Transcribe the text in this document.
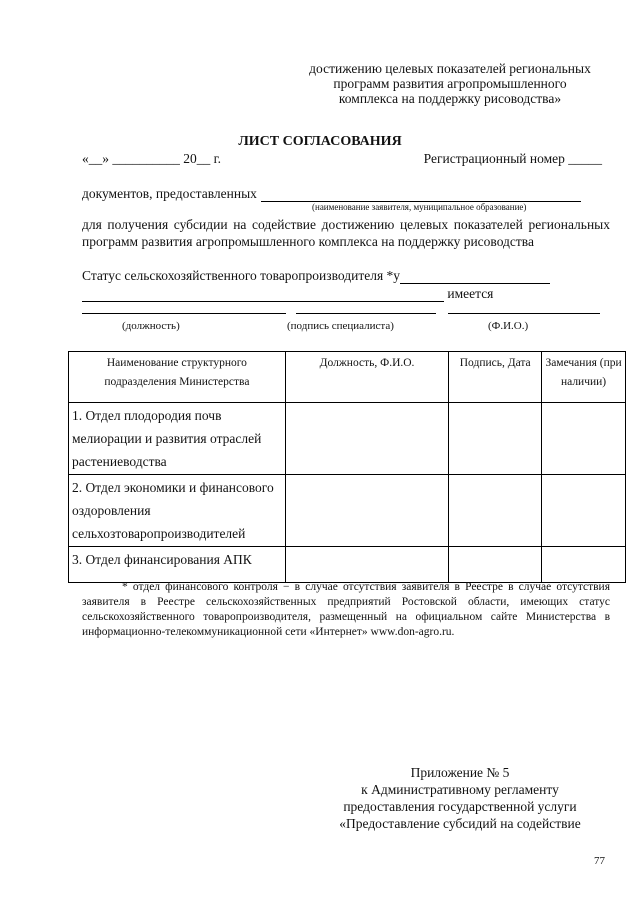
достижению целевых показателей региональных
программ развития агропромышленного
комплекса на поддержку рисоводства»
ЛИСТ СОГЛАСОВАНИЯ
«__» __________ 20__ г.	Регистрационный номер _____
документов, предоставленных
(наименование заявителя, муниципальное образование)
для получения субсидии на содействие достижению целевых показателей региональных программ развития агропромышленного комплекса на поддержку рисоводства
Статус сельскохозяйственного товаропроизводителя *у
имеется
(должность)	(подпись специалиста)	(Ф.И.О.)
Наименование структурного подразделения Министерства	Должность, Ф.И.О.	Подпись, Дата	Замечания (при наличии)
1. Отдел плодородия почв мелиорации и развития отраслей растениеводства			
2. Отдел экономики и финансового оздоровления сельхозтоваропроизводителей			
3. Отдел финансирования АПК			
* отдел финансового контроля − в случае отсутствия заявителя в Реестре в случае отсутствия заявителя в Реестре сельскохозяйственных предприятий Ростовской области, имеющих статус сельскохозяйственного товаропроизводителя, размещенный на официальном сайте Министерства в информационно-телекоммуникационной сети «Интернет» www.don-agro.ru.
Приложение № 5
к Административному регламенту
предоставления государственной услуги
«Предоставление субсидий на содействие
77
